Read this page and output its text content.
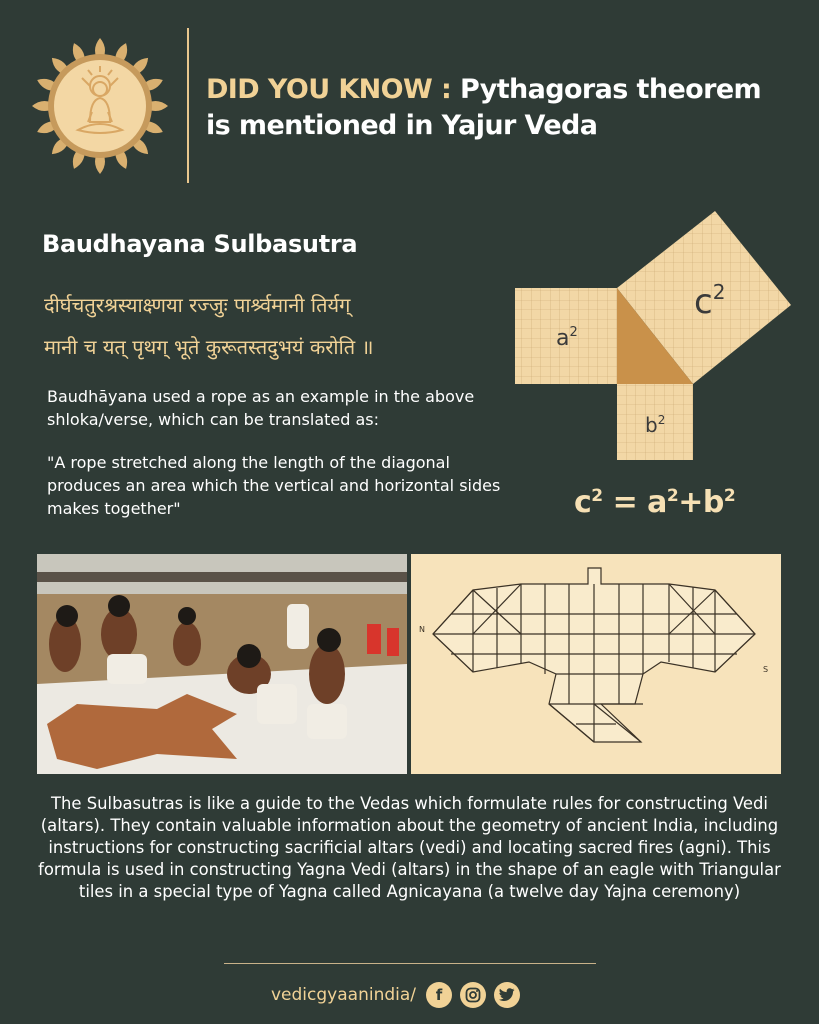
DID YOU KNOW : Pythagoras theorem
is mentioned in Yajur Veda
Baudhayana Sulbasutra
दीर्घचतुरश्रस्याक्ष्णया रज्जुः पार्श्र्वमानी तिर्यग्
मानी च यत् पृथग् भूते कुरूतस्तदुभयं करोति ॥
Baudhāyana used a rope as an example in the above shloka/verse, which can be translated as:
"A rope stretched along the length of the diagonal produces an area which the vertical and horizontal sides makes together"
$a^2$
$b^2$
$c^2$
$c^2 = a^2+b^2$
N
S
The Sulbasutras is like a guide to the Vedas which formulate rules for constructing Vedi (altars). They contain valuable information about the geometry of ancient India, including instructions for constructing sacrificial altars (vedi) and locating sacred fires (agni). This formula is used in constructing Yagna Vedi (altars) in the shape of an eagle with Triangular tiles in a special type of Yagna called Agnicayana (a twelve day Yajna ceremony)
vedicgyaanindia/ f
